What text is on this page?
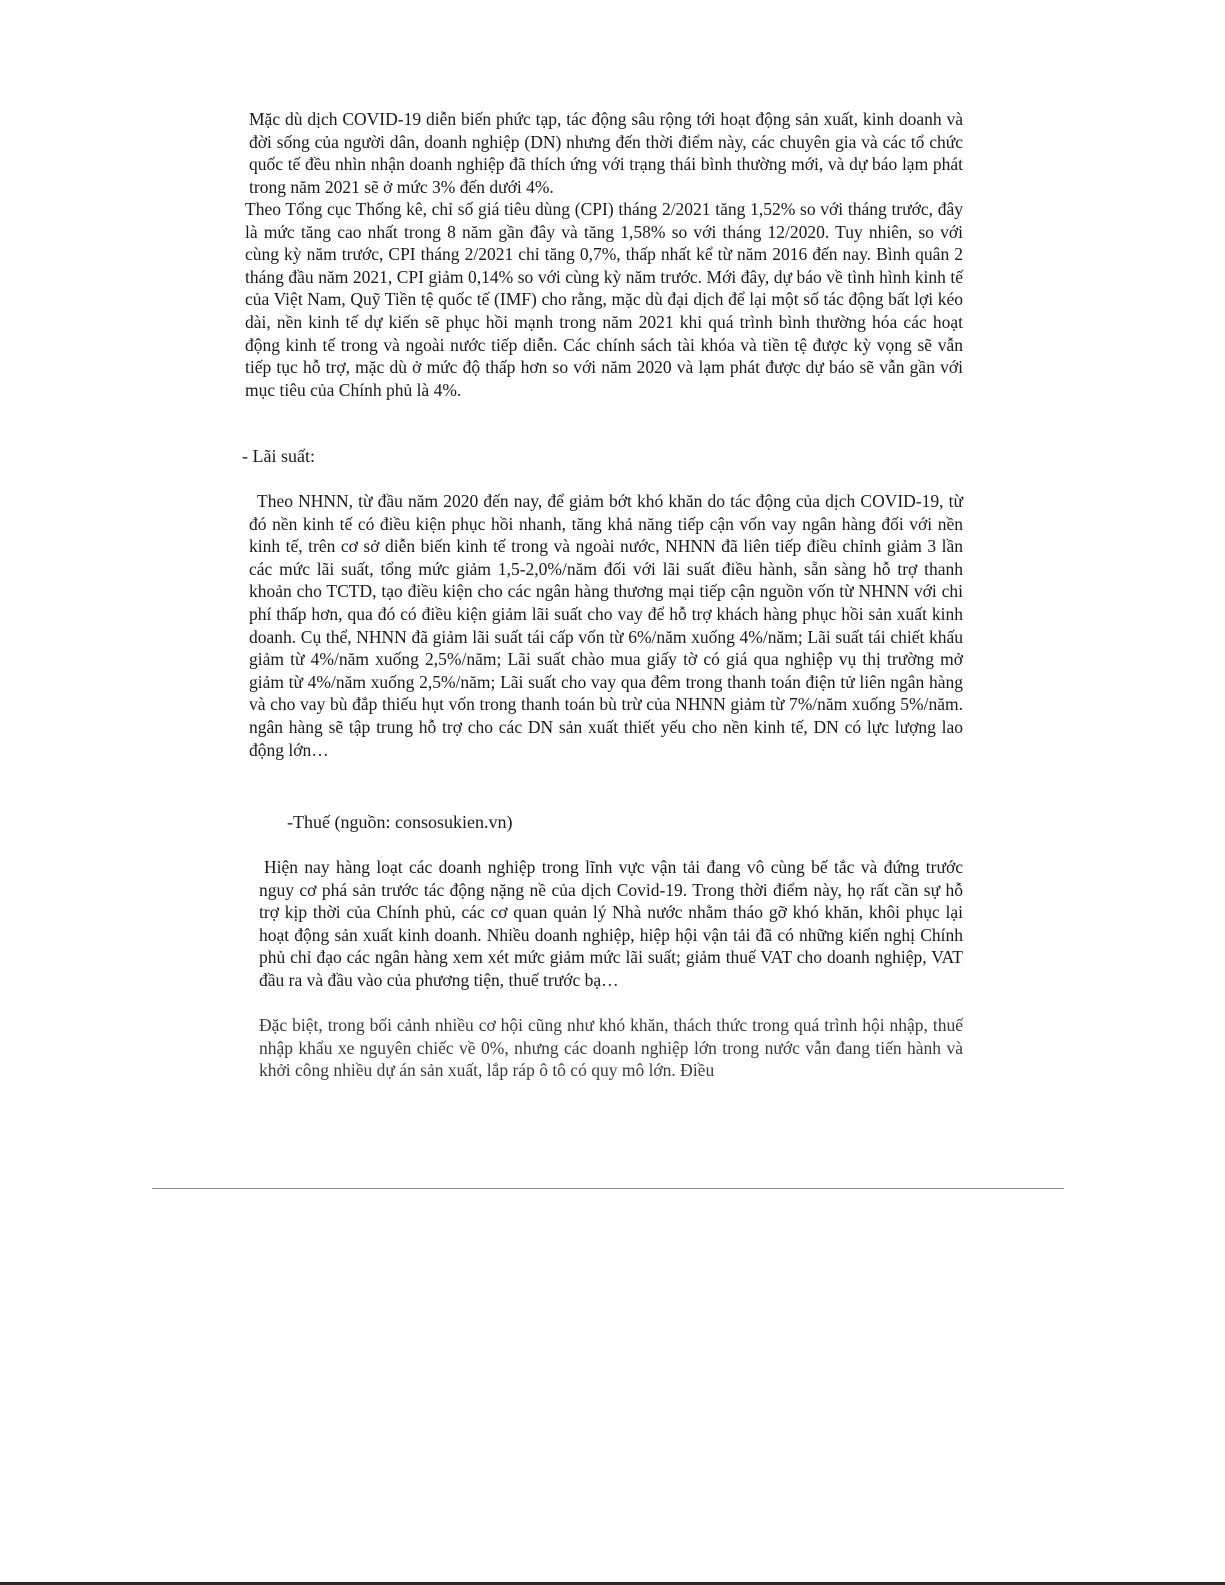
Mặc dù dịch COVID-19 diễn biến phức tạp, tác động sâu rộng tới hoạt động sản xuất, kinh doanh và đời sống của người dân, doanh nghiệp (DN) nhưng đến thời điểm này, các chuyên gia và các tổ chức quốc tế đều nhìn nhận doanh nghiệp đã thích ứng với trạng thái bình thường mới, và dự báo lạm phát trong năm 2021 sẽ ở mức 3% đến dưới 4%.

Theo Tổng cục Thống kê, chỉ số giá tiêu dùng (CPI) tháng 2/2021 tăng 1,52% so với tháng trước, đây là mức tăng cao nhất trong 8 năm gần đây và tăng 1,58% so với tháng 12/2020. Tuy nhiên, so với cùng kỳ năm trước, CPI tháng 2/2021 chỉ tăng 0,7%, thấp nhất kể từ năm 2016 đến nay. Bình quân 2 tháng đầu năm 2021, CPI giảm 0,14% so với cùng kỳ năm trước. Mới đây, dự báo về tình hình kinh tế của Việt Nam, Quỹ Tiền tệ quốc tế (IMF) cho rằng, mặc dù đại dịch để lại một số tác động bất lợi kéo dài, nền kinh tế dự kiến sẽ phục hồi mạnh trong năm 2021 khi quá trình bình thường hóa các hoạt động kinh tế trong và ngoài nước tiếp diễn. Các chính sách tài khóa và tiền tệ được kỳ vọng sẽ vẫn tiếp tục hỗ trợ, mặc dù ở mức độ thấp hơn so với năm 2020 và lạm phát được dự báo sẽ vẫn gần với mục tiêu của Chính phủ là 4%.

- Lãi suất:

Theo NHNN, từ đầu năm 2020 đến nay, để giảm bớt khó khăn do tác động của dịch COVID-19, từ đó nền kinh tế có điều kiện phục hồi nhanh, tăng khả năng tiếp cận vốn vay ngân hàng đối với nền kinh tế, trên cơ sở diễn biến kinh tế trong và ngoài nước, NHNN đã liên tiếp điều chỉnh giảm 3 lần các mức lãi suất, tổng mức giảm 1,5-2,0%/năm đối với lãi suất điều hành, sẵn sàng hỗ trợ thanh khoản cho TCTD, tạo điều kiện cho các ngân hàng thương mại tiếp cận nguồn vốn từ NHNN với chi phí thấp hơn, qua đó có điều kiện giảm lãi suất cho vay để hỗ trợ khách hàng phục hồi sản xuất kinh doanh. Cụ thể, NHNN đã giảm lãi suất tái cấp vốn từ 6%/năm xuống 4%/năm; Lãi suất tái chiết khấu giảm từ 4%/năm xuống 2,5%/năm; Lãi suất chào mua giấy tờ có giá qua nghiệp vụ thị trường mở giảm từ 4%/năm xuống 2,5%/năm; Lãi suất cho vay qua đêm trong thanh toán điện tử liên ngân hàng và cho vay bù đắp thiếu hụt vốn trong thanh toán bù trừ của NHNN giảm từ 7%/năm xuống 5%/năm. ngân hàng sẽ tập trung hỗ trợ cho các DN sản xuất thiết yếu cho nền kinh tế, DN có lực lượng lao động lớn…

-Thuế (nguồn: consosukien.vn)

Hiện nay hàng loạt các doanh nghiệp trong lĩnh vực vận tải đang vô cùng bế tắc và đứng trước nguy cơ phá sản trước tác động nặng nề của dịch Covid-19. Trong thời điểm này, họ rất cần sự hỗ trợ kịp thời của Chính phủ, các cơ quan quản lý Nhà nước nhằm tháo gỡ khó khăn, khôi phục lại hoạt động sản xuất kinh doanh. Nhiều doanh nghiệp, hiệp hội vận tải đã có những kiến nghị Chính phủ chỉ đạo các ngân hàng xem xét mức giảm mức lãi suất; giảm thuế VAT cho doanh nghiệp, VAT đầu ra và đầu vào của phương tiện, thuế trước bạ…

Đặc biệt, trong bối cảnh nhiều cơ hội cũng như khó khăn, thách thức trong quá trình hội nhập, thuế nhập khẩu xe nguyên chiếc về 0%, nhưng các doanh nghiệp lớn trong nước vẫn đang tiến hành và khởi công nhiều dự án sản xuất, lắp ráp ô tô có quy mô lớn. Điều
